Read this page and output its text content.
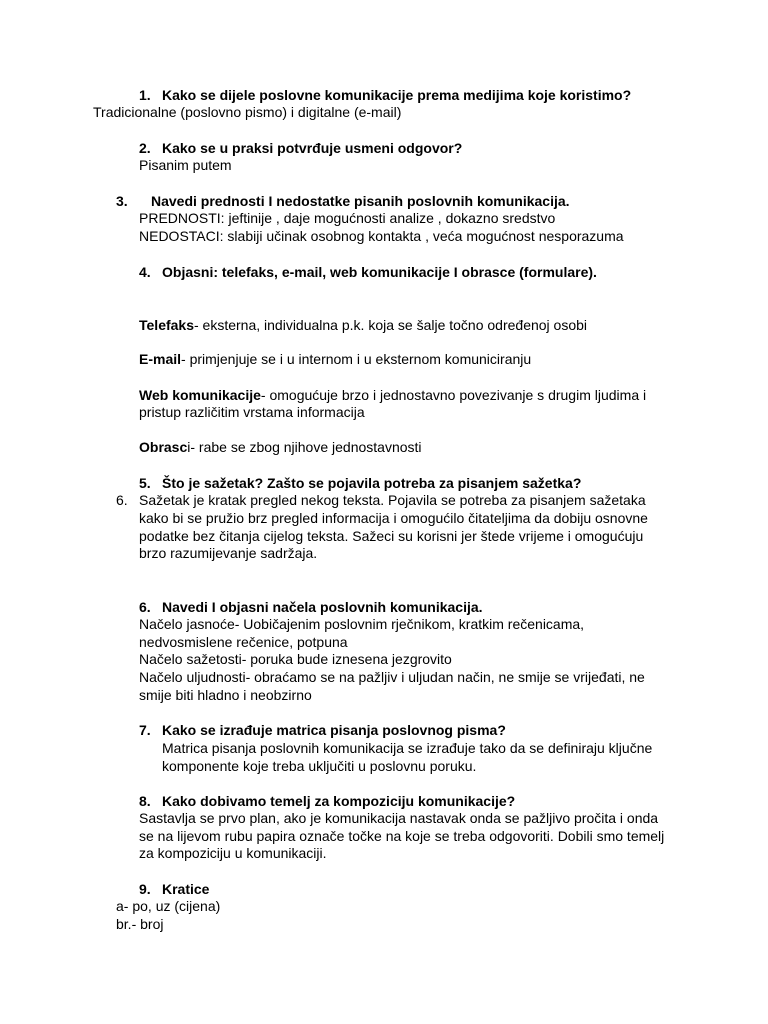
1. Kako se dijele poslovne komunikacije prema medijima koje koristimo?

Tradicionalne (poslovno pismo) i digitalne (e-mail)

2. Kako se u praksi potvrđuje usmeni odgovor?

Pisanim putem

3. Navedi prednosti I nedostatke pisanih poslovnih komunikacija.

PREDNOSTI: jeftinije , daje mogućnosti analize , dokazno sredstvo

NEDOSTACI: slabiji učinak osobnog kontakta , veća mogućnost nesporazuma

4. Objasni: telefaks, e-mail, web komunikacije I obrasce (formulare).

Telefaks- eksterna, individualna p.k. koja se šalje točno određenoj osobi

E-mail- primjenjuje se i u internom i u eksternom komuniciranju

Web komunikacije- omogućuje brzo i jednostavno povezivanje s drugim ljudima i

pristup različitim vrstama informacija

Obrasci- rabe se zbog njihove jednostavnosti

5. Što je sažetak? Zašto se pojavila potreba za pisanjem sažetka?

6. Sažetak je kratak pregled nekog teksta. Pojavila se potreba za pisanjem sažetaka

kako bi se pružio brz pregled informacija i omogućilo čitateljima da dobiju osnovne

podatke bez čitanja cijelog teksta. Sažeci su korisni jer štede vrijeme i omogućuju

brzo razumijevanje sadržaja.

6. Navedi I objasni načela poslovnih komunikacija.

Načelo jasnoće- Uobičajenim poslovnim rječnikom, kratkim rečenicama,

nedvosmislene rečenice, potpuna

Načelo sažetosti- poruka bude iznesena jezgrovito

Načelo uljudnosti- obraćamo se na pažljiv i uljudan način, ne smije se vrijeđati, ne

smije biti hladno i neobzirno

7. Kako se izrađuje matrica pisanja poslovnog pisma?

Matrica pisanja poslovnih komunikacija se izrađuje tako da se definiraju ključne

komponente koje treba uključiti u poslovnu poruku.

8. Kako dobivamo temelj za kompoziciju komunikacije?

Sastavlja se prvo plan, ako je komunikacija nastavak onda se pažljivo pročita i onda

se na lijevom rubu papira označe točke na koje se treba odgovoriti. Dobili smo temelj

za kompoziciju u komunikaciji.

9. Kratice

a- po, uz (cijena)

br.- broj
